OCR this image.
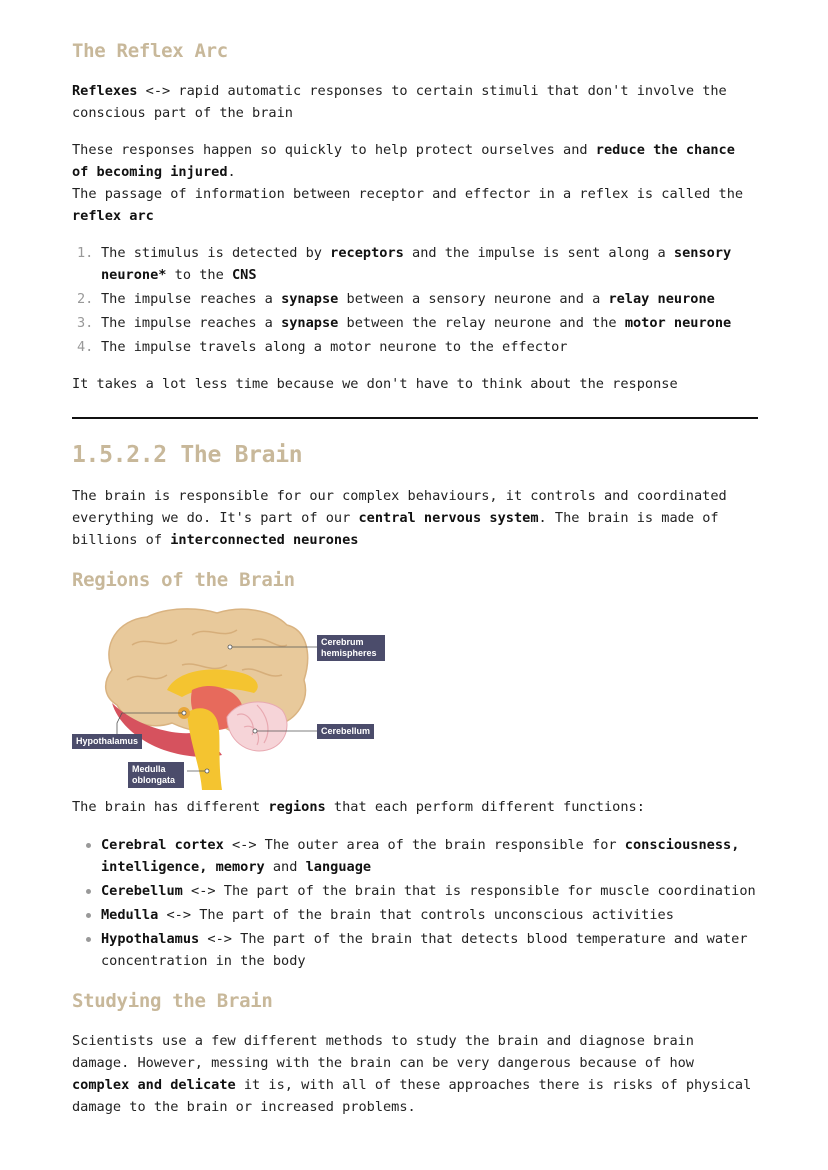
The Reflex Arc

Reflexes <-> rapid automatic responses to certain stimuli that don't involve the conscious part of the brain

These responses happen so quickly to help protect ourselves and reduce the chance of becoming injured.
The passage of information between receptor and effector in a reflex is called the reflex arc

1. The stimulus is detected by receptors and the impulse is sent along a sensory neurone* to the CNS
2. The impulse reaches a synapse between a sensory neurone and a relay neurone
3. The impulse reaches a synapse between the relay neurone and the motor neurone
4. The impulse travels along a motor neurone to the effector

It takes a lot less time because we don't have to think about the response

1.5.2.2 The Brain

The brain is responsible for our complex behaviours, it controls and coordinated everything we do. It's part of our central nervous system. The brain is made of billions of interconnected neurones

Regions of the Brain
Cerebrum hemispheres
Cerebellum
Hypothalamus
Medulla oblongata

The brain has different regions that each perform different functions:

Cerebral cortex <-> The outer area of the brain responsible for consciousness, intelligence, memory and language
Cerebellum <-> The part of the brain that is responsible for muscle coordination
Medulla <-> The part of the brain that controls unconscious activities
Hypothalamus <-> The part of the brain that detects blood temperature and water concentration in the body
Studying the Brain

Scientists use a few different methods to study the brain and diagnose brain damage. However, messing with the brain can be very dangerous because of how complex and delicate it is, with all of these approaches there is risks of physical damage to the brain or increased problems.
